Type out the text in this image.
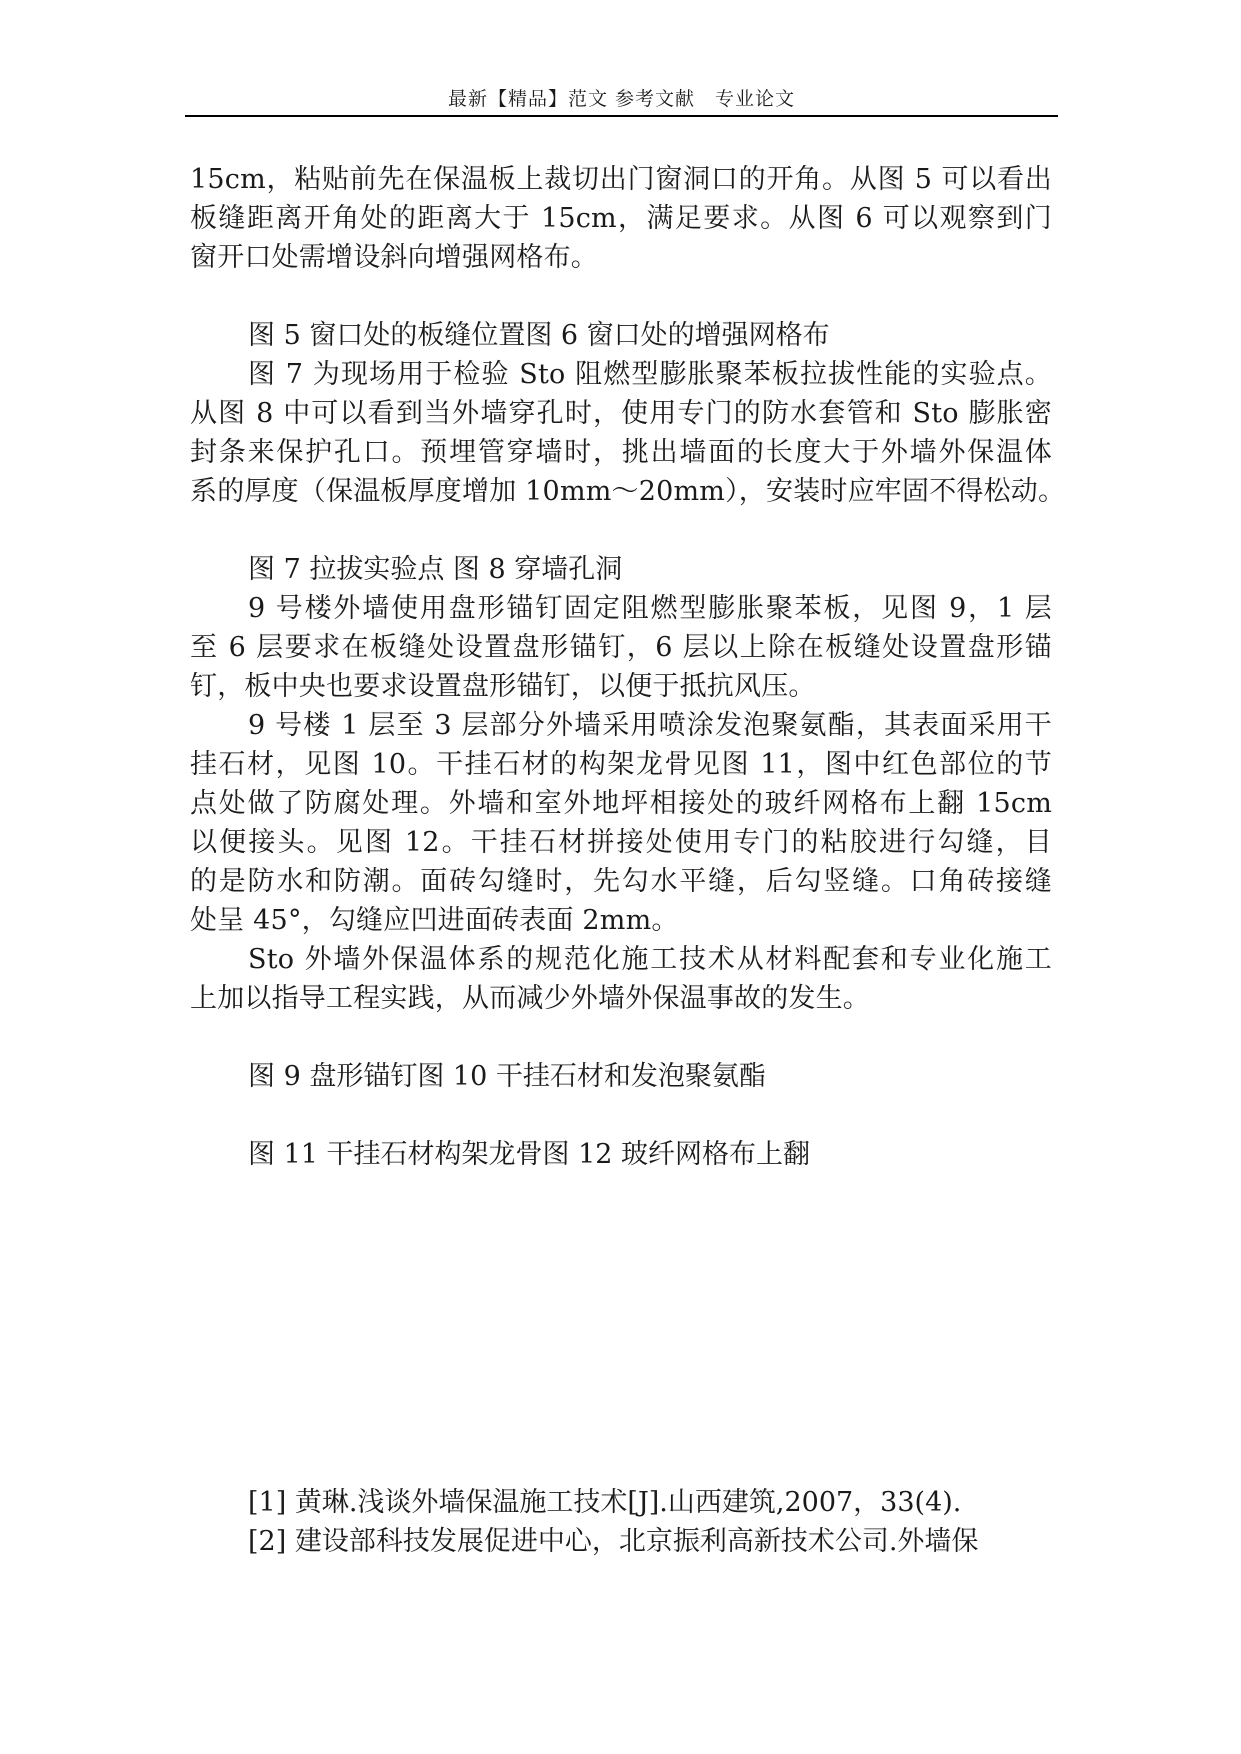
最新【精品】范文 参考文献　专业论文
15cm，粘贴前先在保温板上裁切出门窗洞口的开角。从图 5 可以看出
板缝距离开角处的距离大于 15cm，满足要求。从图 6 可以观察到门
窗开口处需增设斜向增强网格布。
图 5 窗口处的板缝位置图 6 窗口处的增强网格布
图 7 为现场用于检验 Sto 阻燃型膨胀聚苯板拉拔性能的实验点。
从图 8 中可以看到当外墙穿孔时，使用专门的防水套管和 Sto 膨胀密
封条来保护孔口。预埋管穿墙时，挑出墙面的长度大于外墙外保温体
系的厚度（保温板厚度增加 10mm～20mm），安装时应牢固不得松动。
图 7 拉拔实验点 图 8 穿墙孔洞
9 号楼外墙使用盘形锚钉固定阻燃型膨胀聚苯板，见图 9，1 层
至 6 层要求在板缝处设置盘形锚钉，6 层以上除在板缝处设置盘形锚
钉，板中央也要求设置盘形锚钉，以便于抵抗风压。
9 号楼 1 层至 3 层部分外墙采用喷涂发泡聚氨酯，其表面采用干
挂石材，见图 10。干挂石材的构架龙骨见图 11，图中红色部位的节
点处做了防腐处理。外墙和室外地坪相接处的玻纤网格布上翻 15cm
以便接头。见图 12。干挂石材拼接处使用专门的粘胶进行勾缝，目
的是防水和防潮。面砖勾缝时，先勾水平缝，后勾竖缝。口角砖接缝
处呈 45°，勾缝应凹进面砖表面 2mm。
Sto 外墙外保温体系的规范化施工技术从材料配套和专业化施工
上加以指导工程实践，从而减少外墙外保温事故的发生。
图 9 盘形锚钉图 10 干挂石材和发泡聚氨酯
图 11 干挂石材构架龙骨图 12 玻纤网格布上翻
[1] 黄琳.浅谈外墙保温施工技术[J].山西建筑,2007，33(4).
[2] 建设部科技发展促进中心，北京振利高新技术公司.外墙保
